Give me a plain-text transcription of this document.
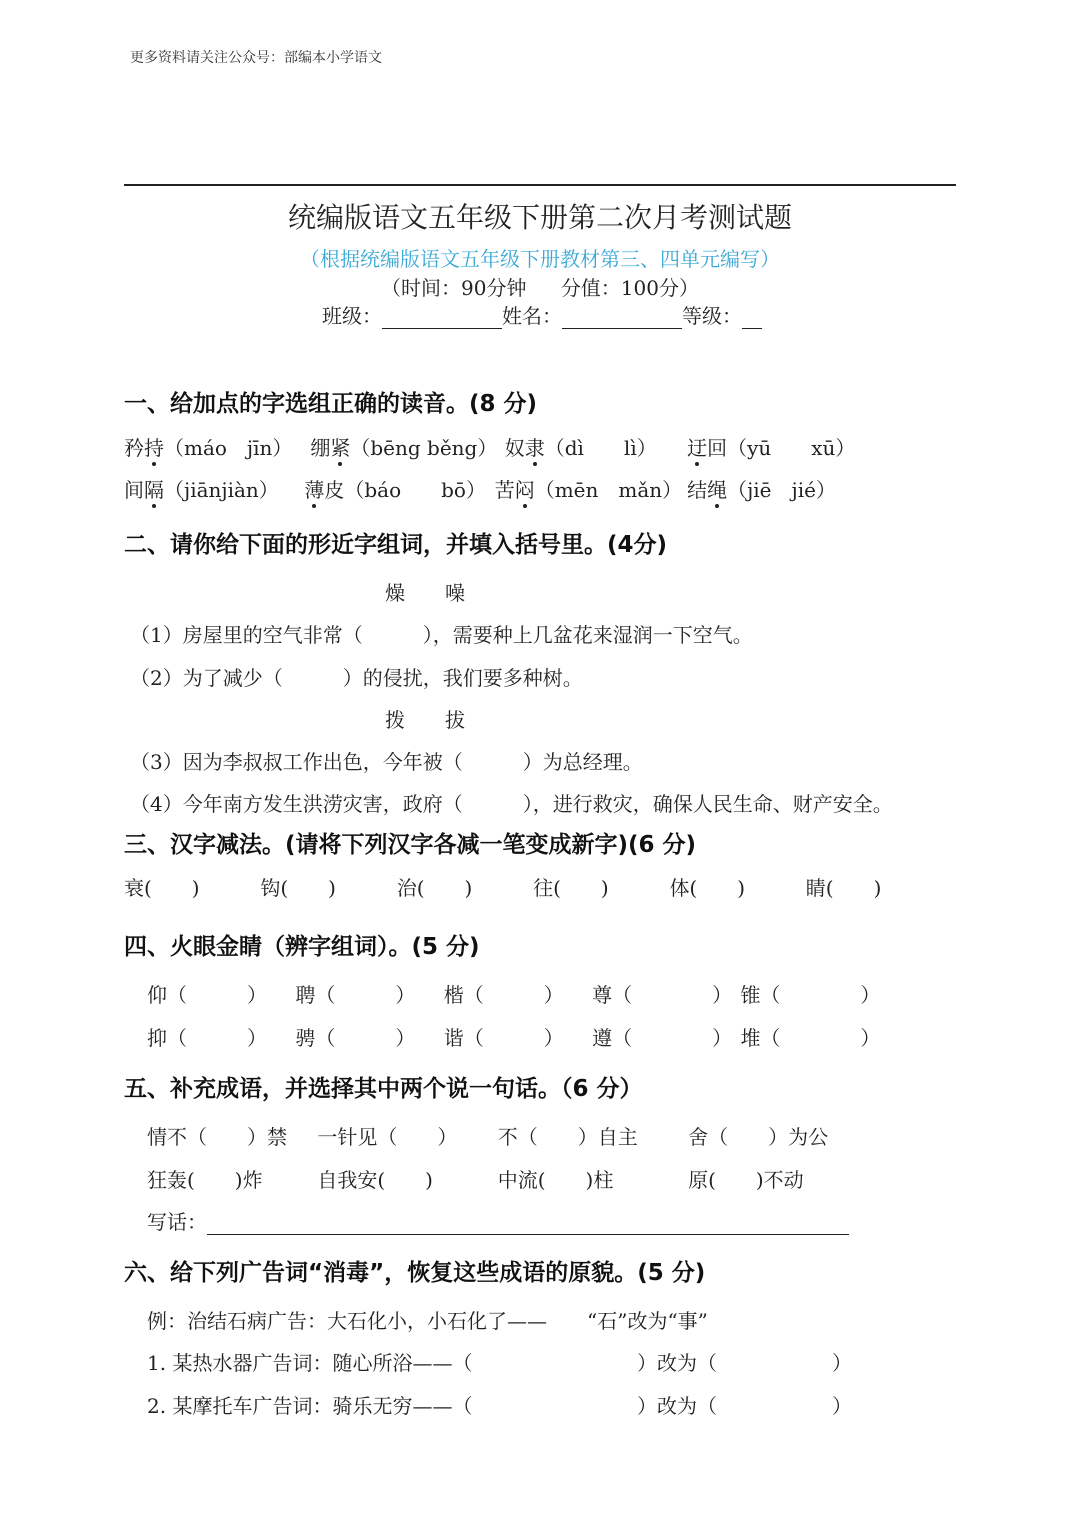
更多资料请关注公众号：部编本小学语文
统编版语文五年级下册第二次月考测试题
（根据统编版语文五年级下册教材第三、四单元编写）
（时间：90分钟 分值：100分）
班级：	姓名：	等级：
一、给加点的字选组正确的读音。(8 分)
矜持（máo　jīn） 绷紧（bēng běng） 奴隶（dì　　lì） 迂回（yū　　xū）
间隔（jiānjiàn） 薄皮（báo　　bō） 苦闷（mēn　mǎn） 结绳（jiē　jié）
二、请你给下面的形近字组词，并填入括号里。(4分)
燥 噪
（1）房屋里的空气非常（　　　），需要种上几盆花来湿润一下空气。
（2）为了减少（　　　）的侵扰，我们要多种树。
拨 拔
（3）因为李叔叔工作出色，今年被（　　　）为总经理。
（4）今年南方发生洪涝灾害，政府（　　　），进行救灾，确保人民生命、财产安全。
三、汉字减法。(请将下列汉字各减一笔变成新字)(6 分)
衰(　　)	钩(　　)	治(　　)	往(　　)	体(　　)	睛(　　)
四、火眼金睛（辨字组词）。(5 分)
仰（　　　） 聘（　　　） 楷（　　　） 尊（　　　　） 锥（　　　　）
抑（　　　） 骋（　　　） 谐（　　　） 遵（　　　　） 堆（　　　　）
五、补充成语，并选择其中两个说一句话。（6 分）
情不（　　）禁 一针见（　　） 不（　　）自主	舍（　　）为公
狂轰(　　)炸	自我安(　　)	中流(　　)柱	原(　　)不动
写话：
六、给下列广告词“消毒”，恢复这些成语的原貌。(5 分)
例：治结石病广告：大石化小，小石化了——　　“石”改为“事”
1. 某热水器广告词：随心所浴——（	）改为（	）
2. 某摩托车广告词：骑乐无穷——（	）改为（	）
